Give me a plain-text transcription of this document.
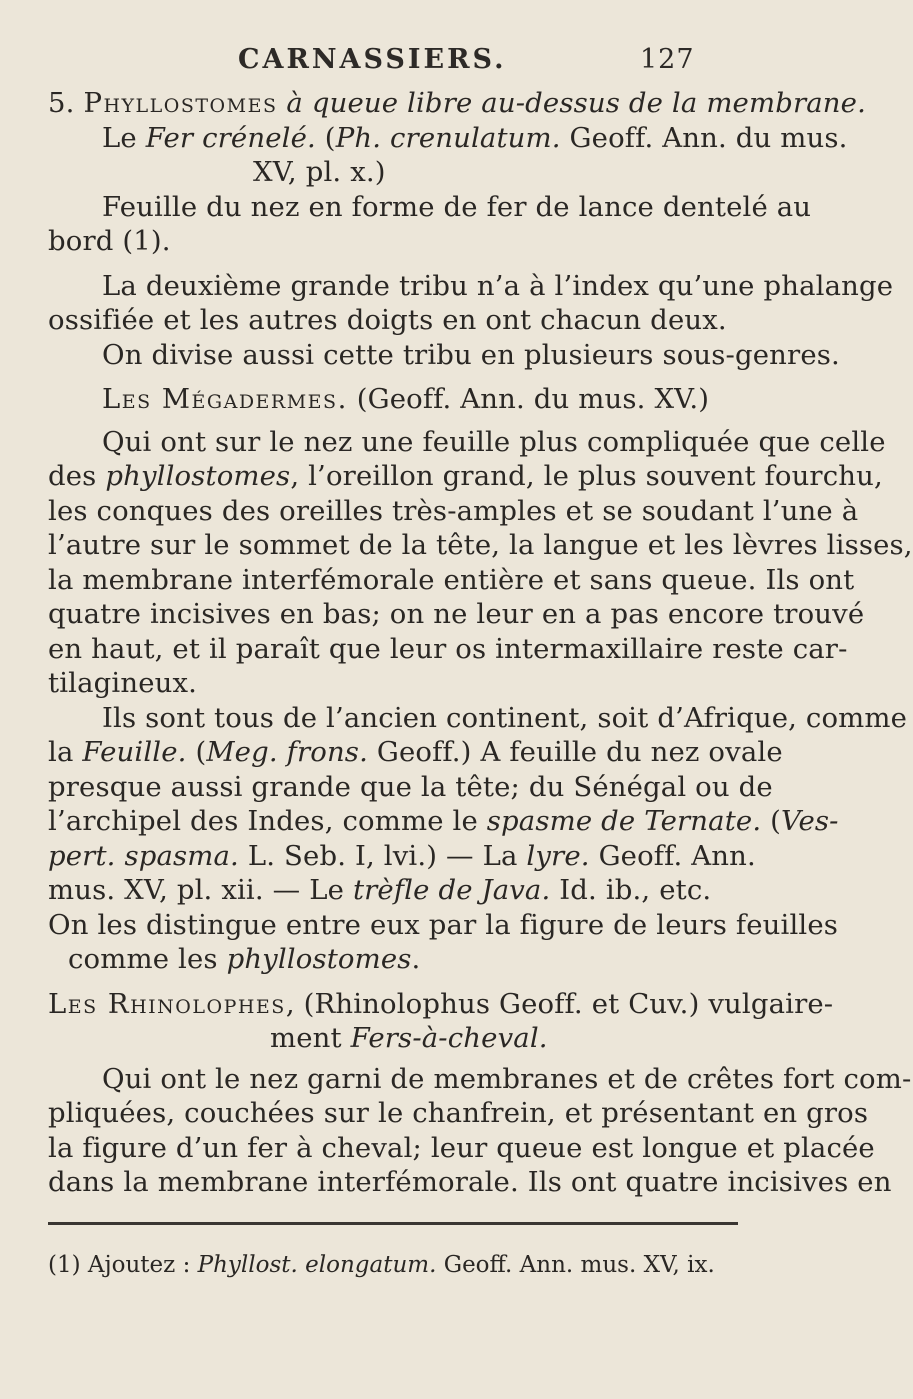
CARNASSIERS.	127
5. Phyllostomes à queue libre au-dessus de la membrane.
Le Fer crénelé. (Ph. crenulatum. Geoff. Ann. du mus.
XV, pl. x.)
Feuille du nez en forme de fer de lance dentelé au
bord (1).
La deuxième grande tribu n’a à l’index qu’une phalange
ossifiée et les autres doigts en ont chacun deux.
On divise aussi cette tribu en plusieurs sous-genres.
Les Mégadermes. (Geoff. Ann. du mus. XV.)
Qui ont sur le nez une feuille plus compliquée que celle
des phyllostomes, l’oreillon grand, le plus souvent fourchu,
les conques des oreilles très-amples et se soudant l’une à
l’autre sur le sommet de la tête, la langue et les lèvres lisses,
la membrane interfémorale entière et sans queue. Ils ont
quatre incisives en bas; on ne leur en a pas encore trouvé
en haut, et il paraît que leur os intermaxillaire reste car-
tilagineux.
Ils sont tous de l’ancien continent, soit d’Afrique, comme
la Feuille. (Meg. frons. Geoff.) A feuille du nez ovale
presque aussi grande que la tête; du Sénégal ou de
l’archipel des Indes, comme le spasme de Ternate. (Ves-
pert. spasma. L. Seb. I, lvi.) — La lyre. Geoff. Ann.
mus. XV, pl. xii. — Le trèfle de Java. Id. ib., etc.
On les distingue entre eux par la figure de leurs feuilles
comme les phyllostomes.
Les Rhinolophes, (Rhinolophus Geoff. et Cuv.) vulgaire-
ment Fers-à-cheval.
Qui ont le nez garni de membranes et de crêtes fort com-
pliquées, couchées sur le chanfrein, et présentant en gros
la figure d’un fer à cheval; leur queue est longue et placée
dans la membrane interfémorale. Ils ont quatre incisives en
(1) Ajoutez : Phyllost. elongatum. Geoff. Ann. mus. XV, ix.
